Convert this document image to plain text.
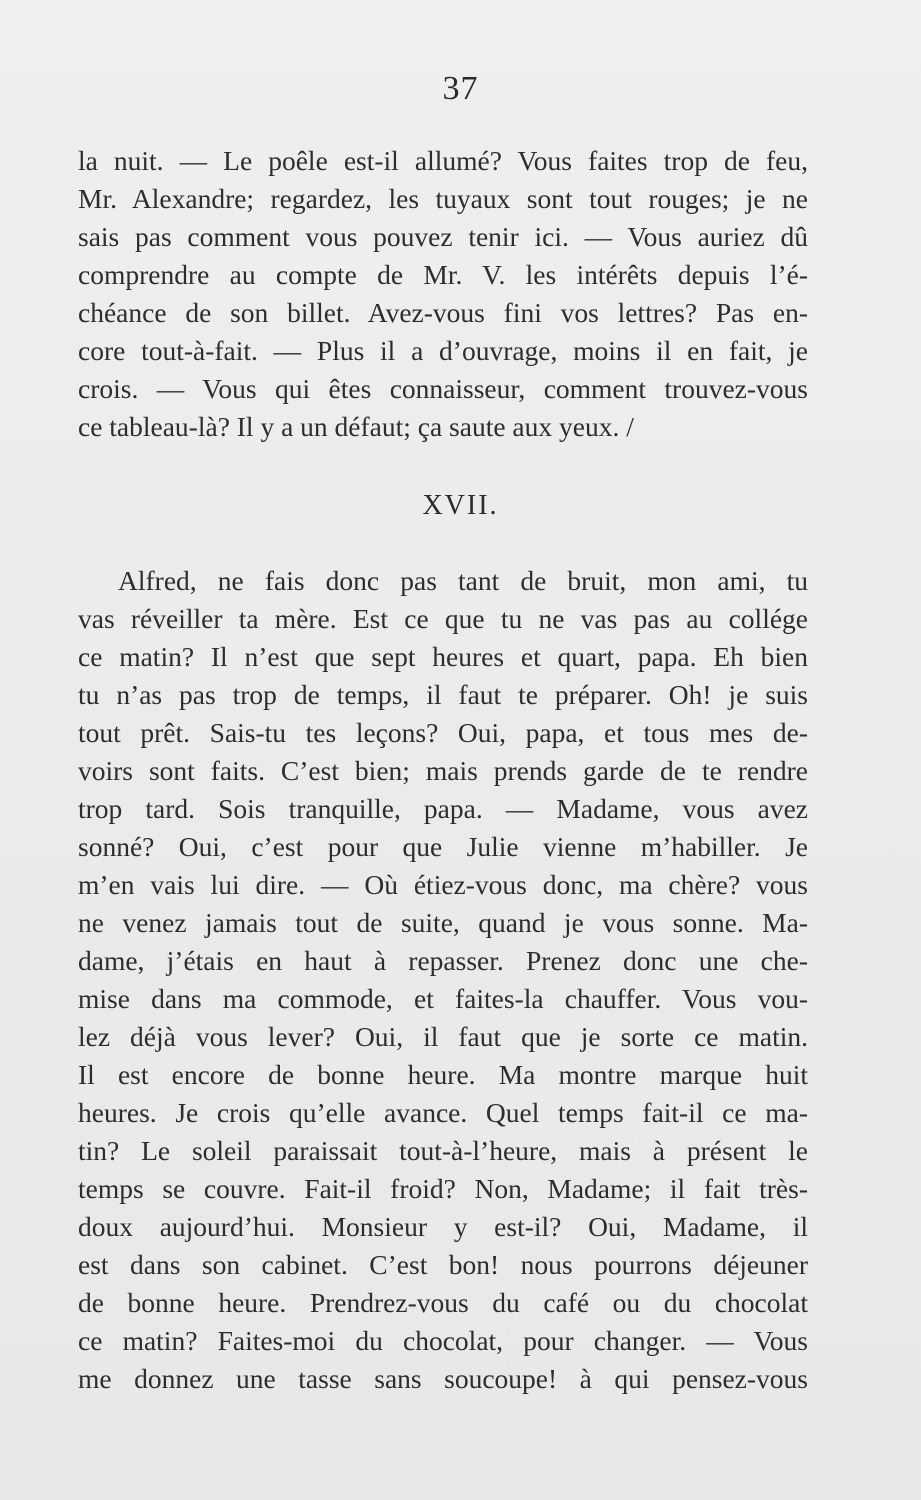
37
la nuit. — Le poêle est-il allumé? Vous faites trop de feu,
Mr. Alexandre; regardez, les tuyaux sont tout rouges; je ne
sais pas comment vous pouvez tenir ici. — Vous auriez dû
comprendre au compte de Mr. V. les intérêts depuis l’é-
chéance de son billet. Avez-vous fini vos lettres? Pas en-
core tout-à-fait. — Plus il a d’ouvrage, moins il en fait, je
crois. — Vous qui êtes connaisseur, comment trouvez-vous
ce tableau-là? Il y a un défaut; ça saute aux yeux. /
XVII.
Alfred, ne fais donc pas tant de bruit, mon ami, tu
vas réveiller ta mère. Est ce que tu ne vas pas au collége
ce matin? Il n’est que sept heures et quart, papa. Eh bien
tu n’as pas trop de temps, il faut te préparer. Oh! je suis
tout prêt. Sais-tu tes leçons? Oui, papa, et tous mes de-
voirs sont faits. C’est bien; mais prends garde de te rendre
trop tard. Sois tranquille, papa. — Madame, vous avez
sonné? Oui, c’est pour que Julie vienne m’habiller. Je
m’en vais lui dire. — Où étiez-vous donc, ma chère? vous
ne venez jamais tout de suite, quand je vous sonne. Ma-
dame, j’étais en haut à repasser. Prenez donc une che-
mise dans ma commode, et faites-la chauffer. Vous vou-
lez déjà vous lever? Oui, il faut que je sorte ce matin.
Il est encore de bonne heure. Ma montre marque huit
heures. Je crois qu’elle avance. Quel temps fait-il ce ma-
tin? Le soleil paraissait tout-à-l’heure, mais à présent le
temps se couvre. Fait-il froid? Non, Madame; il fait très-
doux aujourd’hui. Monsieur y est-il? Oui, Madame, il
est dans son cabinet. C’est bon! nous pourrons déjeuner
de bonne heure. Prendrez-vous du café ou du chocolat
ce matin? Faites-moi du chocolat, pour changer. — Vous
me donnez une tasse sans soucoupe! à qui pensez-vous
